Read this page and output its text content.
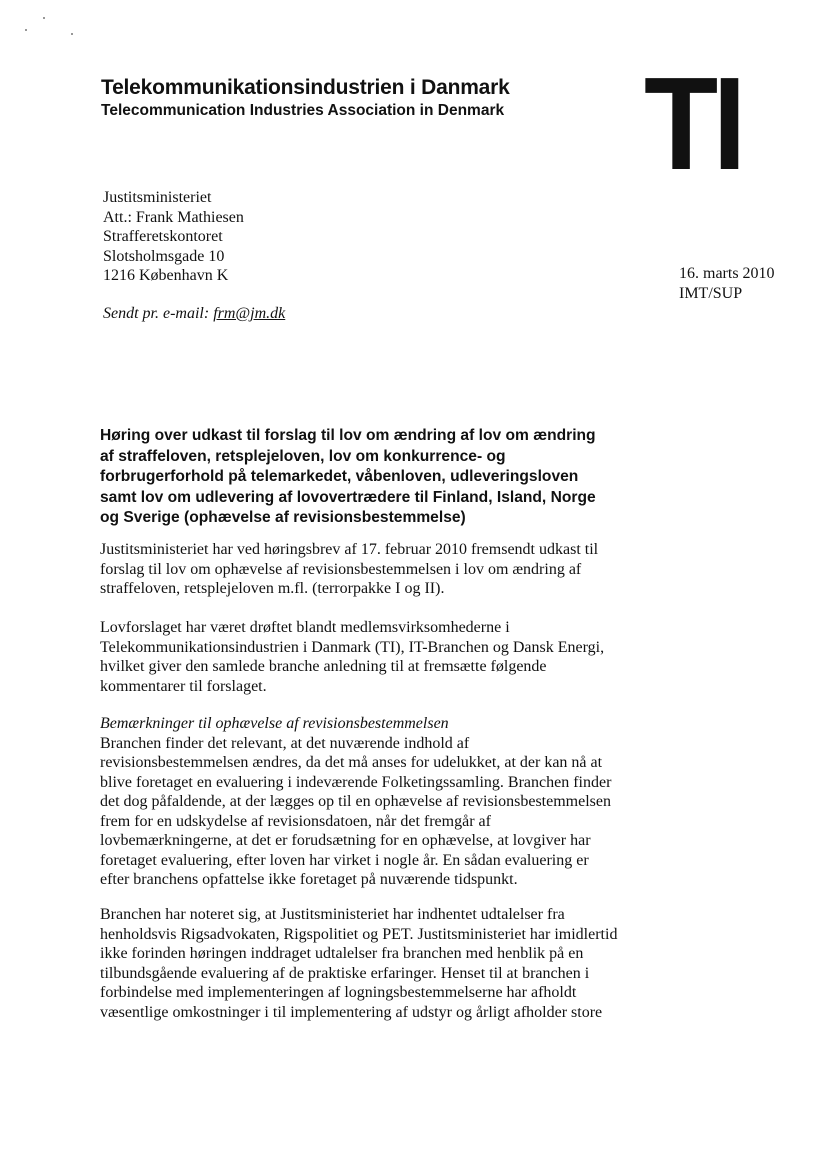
Telekommunikationsindustrien i Danmark
Telecommunication Industries Association in Denmark TI
Justitsministeriet
Att.: Frank Mathiesen
Strafferetskontoret
Slotsholmsgade 10
1216 København K
Sendt pr. e-mail: frm@jm.dk
16. marts 2010
IMT/SUP
Høring over udkast til forslag til lov om ændring af lov om ændring
af straffeloven, retsplejeloven, lov om konkurrence- og
forbrugerforhold på telemarkedet, våbenloven, udleveringsloven
samt lov om udlevering af lovovertrædere til Finland, Island, Norge
og Sverige (ophævelse af revisionsbestemmelse)
Justitsministeriet har ved høringsbrev af 17. februar 2010 fremsendt udkast til
forslag til lov om ophævelse af revisionsbestemmelsen i lov om ændring af
straffeloven, retsplejeloven m.fl. (terrorpakke I og II).
Lovforslaget har været drøftet blandt medlemsvirksomhederne i
Telekommunikationsindustrien i Danmark (TI), IT-Branchen og Dansk Energi,
hvilket giver den samlede branche anledning til at fremsætte følgende
kommentarer til forslaget.
Bemærkninger til ophævelse af revisionsbestemmelsen
Branchen finder det relevant, at det nuværende indhold af
revisionsbestemmelsen ændres, da det må anses for udelukket, at der kan nå at
blive foretaget en evaluering i indeværende Folketingssamling. Branchen finder
det dog påfaldende, at der lægges op til en ophævelse af revisionsbestemmelsen
frem for en udskydelse af revisionsdatoen, når det fremgår af
lovbemærkningerne, at det er forudsætning for en ophævelse, at lovgiver har
foretaget evaluering, efter loven har virket i nogle år. En sådan evaluering er
efter branchens opfattelse ikke foretaget på nuværende tidspunkt.
Branchen har noteret sig, at Justitsministeriet har indhentet udtalelser fra
henholdsvis Rigsadvokaten, Rigspolitiet og PET. Justitsministeriet har imidlertid
ikke forinden høringen inddraget udtalelser fra branchen med henblik på en
tilbundsgående evaluering af de praktiske erfaringer. Henset til at branchen i
forbindelse med implementeringen af logningsbestemmelserne har afholdt
væsentlige omkostninger i til implementering af udstyr og årligt afholder store
